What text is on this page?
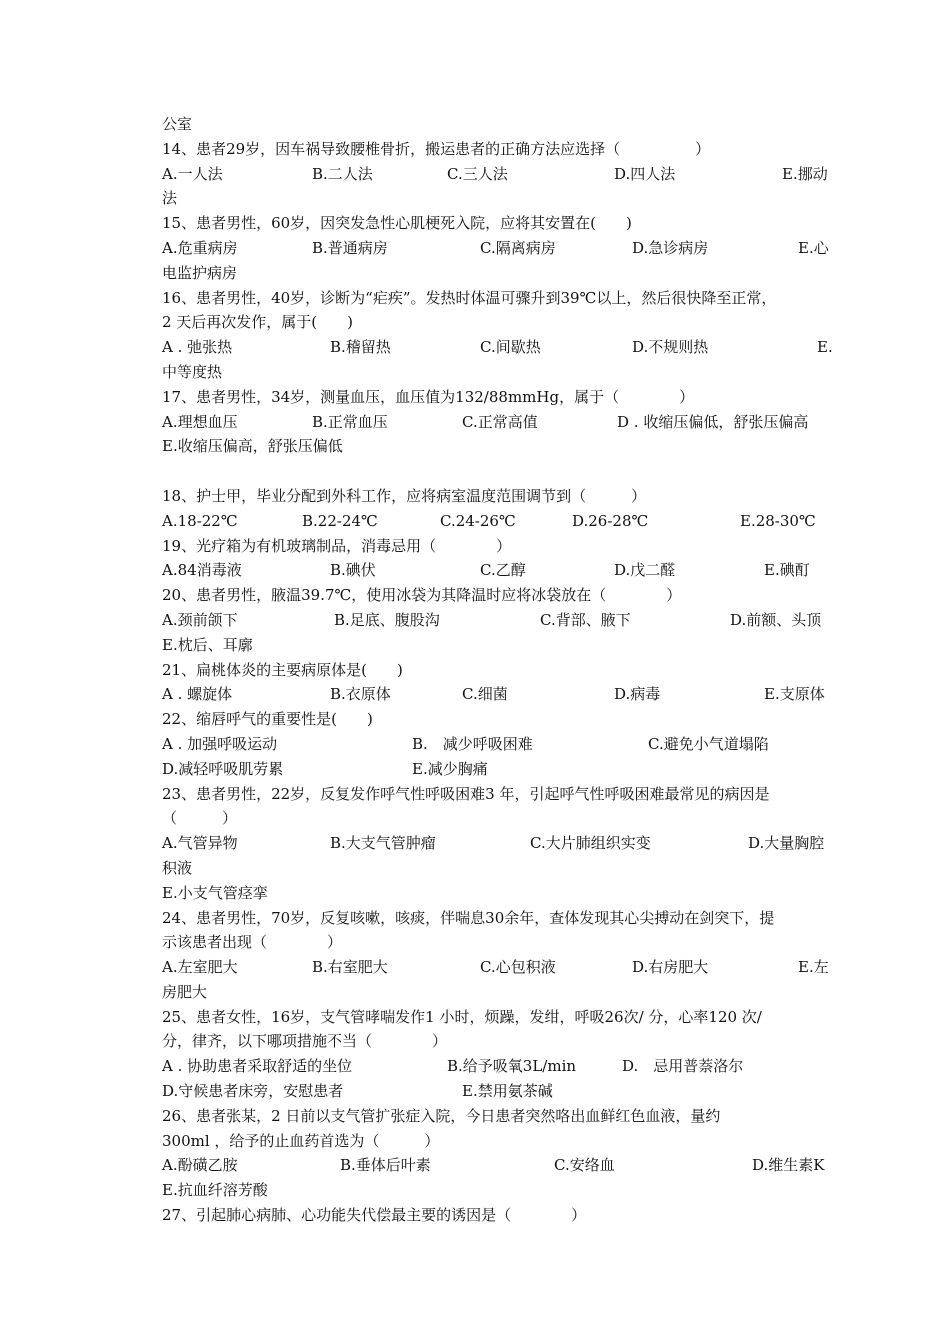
公室
14、患者29岁，因车祸导致腰椎骨折，搬运患者的正确方法应选择（　　　　　）
A.一人法	B.二人法	C.三人法	D.四人法	E.挪动
法
15、患者男性，60岁，因突发急性心肌梗死入院，应将其安置在(　　)
A.危重病房	B.普通病房	C.隔离病房	D.急诊病房	E.心
电监护病房
16、患者男性，40岁，诊断为“疟疾”。发热时体温可骤升到39℃以上，然后很快降至正常，
2 天后再次发作，属于(　　)
A . 弛张热	B.稽留热	C.间歇热	D.不规则热	E.
中等度热
17、患者男性，34岁，测量血压，血压值为132/88mmHg，属于（　　　　）
A.理想血压	B.正常血压	C.正常高值	D . 收缩压偏低，舒张压偏高
E.收缩压偏高，舒张压偏低
18、护士甲，毕业分配到外科工作，应将病室温度范围调节到（　　　）
A.18-22℃	B.22-24℃	C.24-26℃	D.26-28℃	E.28-30℃
19、光疗箱为有机玻璃制品，消毒忌用（　　　　）
A.84消毒液	B.碘伏	C.乙醇	D.戊二醛	E.碘酊
20、患者男性，腋温39.7℃，使用冰袋为其降温时应将冰袋放在（　　　　）
A.颈前颌下	B.足底、腹股沟	C.背部、腋下	D.前额、头顶
E.枕后、耳廓
21、扁桃体炎的主要病原体是(　　)
A . 螺旋体	B.衣原体	C.细菌	D.病毒	E.支原体
22、缩唇呼气的重要性是(　　)
A . 加强呼吸运动	B.　减少呼吸困难	C.避免小气道塌陷
D.减轻呼吸肌劳累	E.减少胸痛
23、患者男性，22岁，反复发作呼气性呼吸困难3 年，引起呼气性呼吸困难最常见的病因是
（　　　）
A.气管异物	B.大支气管肿瘤	C.大片肺组织实变	D.大量胸腔
积液
E.小支气管痉挛
24、患者男性，70岁，反复咳嗽，咳痰，伴喘息30余年，查体发现其心尖搏动在剑突下，提
示该患者出现（　　　　）
A.左室肥大	B.右室肥大	C.心包积液	D.右房肥大	E.左
房肥大
25、患者女性，16岁，支气管哮喘发作1 小时，烦躁，发绀，呼吸26次/ 分，心率120 次/
分，律齐，以下哪项措施不当（　　　　）
A . 协助患者采取舒适的坐位	B.给予吸氧3L/min	D.　忌用普萘洛尔
D.守候患者床旁，安慰患者	E.禁用氨茶碱
26、患者张某，2 日前以支气管扩张症入院，今日患者突然咯出血鲜红色血液，量约
300ml ，给予的止血药首选为（　　　）
A.酚磺乙胺	B.垂体后叶素	C.安络血	D.维生素K
E.抗血纤溶芳酸
27、引起肺心病肺、心功能失代偿最主要的诱因是（　　　　）
